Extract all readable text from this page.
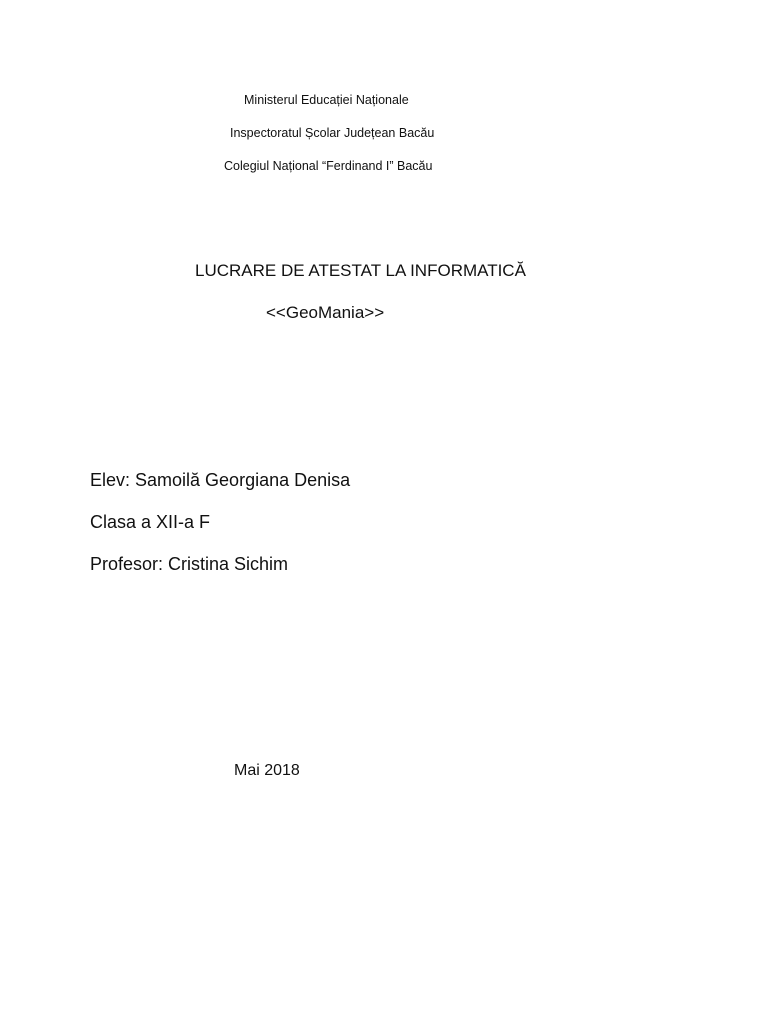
Ministerul Educației Naționale
Inspectoratul Școlar Județean Bacău
Colegiul Național “Ferdinand I” Bacău
LUCRARE DE ATESTAT LA INFORMATICĂ
<<GeoMania>>
Elev: Samoilă Georgiana Denisa
Clasa a XII-a F
Profesor: Cristina Sichim
Mai 2018
